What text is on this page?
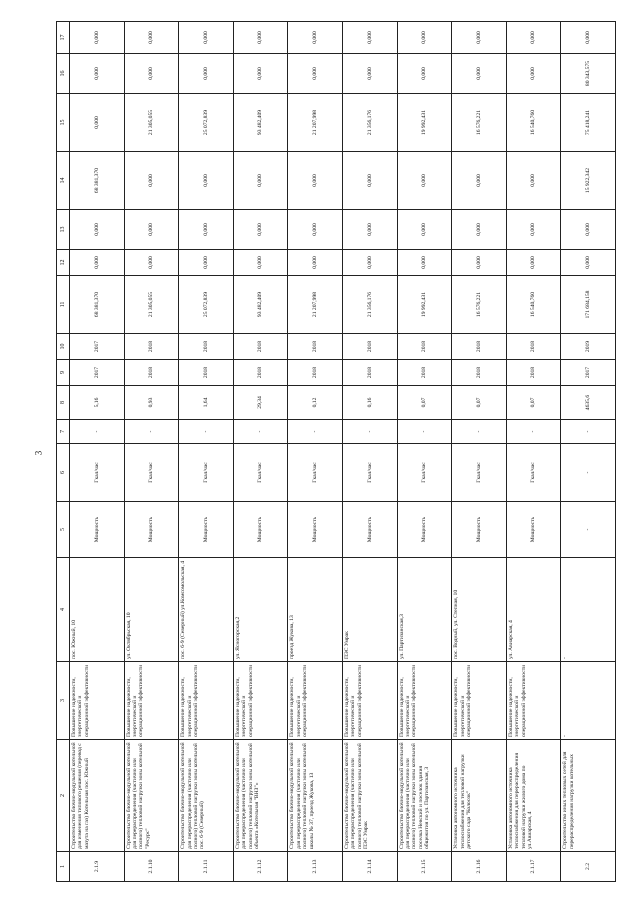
3
1	2	3	4	5	6	7	8	9	10	11	12	13	14	15	16	17
2.1.9	Строительство блочно-модульной котельной для изменения типового решения (перевод с мазута на газ) Котельная пос. Южный	Повышение надежности, энергетической и операционной эффективности	пос. Южный, 10	Мощность	Гкал/час	-	5,16	2017	2017	68 381,370	0,000	0,000	68 381,370	0,000	0,000	0,000
2.1.10	Строительство блочно-модульной котельной для перераспределения (частично или полного) тепловой нагрузки зоны котельной "Ресурс"	Повышение надежности, энергетической и операционной эффективности	ул. Октябрьская, 10	Мощность	Гкал/час	-	0,93	2018	2018	21 305,055	0,000	0,000	0,000	21 305,055	0,000	0,000
2.1.11	Строительство блочно-модульной котельной для перераспределения (частично или полного) тепловой нагрузки зоны котельной пос. 6-9 (Северный)	Повышение надежности, энергетической и операционной эффективности	пос. 6-9 (Северный) ул.Комсомольская, 4	Мощность	Гкал/час	-	1,64	2018	2018	25 072,839	0,000	0,000	0,000	25 072,839	0,000	0,000
2.1.12	Строительство блочно-модульной котельной для перераспределения (частично или полного) тепловой нагрузки зоны котельной объекта «Котельная "ВНЗ"»	Повышение надежности, энергетической и операционной эффективности	ул. Ясногорская,2	Мощность	Гкал/час	-	29,34	2018	2018	93 482,409	0,000	0,000	0,000	93 482,409	0,000	0,000
2.1.13	Строительство блочно-модульной котельной для перераспределения (частично или полного) тепловой нагрузки зоны котельной школы № 37, проезд Жукова, 13	Повышение надежности, энергетической и операционной эффективности	проезд Жукова, 13	Мощность	Гкал/час	-	0,12	2018	2018	21 207,998	0,000	0,000	0,000	21 207,998	0,000	0,000
2.1.14	Строительство блочно-модульной котельной для перераспределения (частично или полного) тепловой нагрузки зоны котельной ПЭС Умрак	Повышение надежности, энергетической и операционной эффективности	ПЭС Умрак	Мощность	Гкал/час	-	0,16	2018	2018	21 356,176	0,000	0,000	0,000	21 356,176	0,000	0,000
2.1.15	Строительство блочно-модульной котельной для перераспределения (частично или полного) тепловой нагрузки зоны котельной поселка Невский и поселок здания общежития по ул. Партизанская, 3	Повышение надежности, энергетической и операционной эффективности	ул. Партизанская,3	Мощность	Гкал/час	-	0,07	2018	2018	19 992,431	0,000	0,000	0,000	19 992,431	0,000	0,000
2.1.16	Установка автономного источника теплоснабжения для тепловой нагрузки детского сада "Колосок"	Повышение надежности, энергетической и операционной эффективности	пос. Водный, ул. Степная, 10	Мощность	Гкал/час	-	0,07	2018	2018	16 576,221	0,000	0,000	0,000	16 576,221	0,000	0,000
2.1.17	Установка автономного источника теплоснабжения для перераспределения тепловой нагрузки жилого дома по ул.Авиарская, 4	Повышение надежности, энергетической и операционной эффективности	ул. Авиарская, 4	Мощность	Гкал/час	-	0,07	2018	2018	16 540,760	0,000	0,000	0,000	16 540,760	0,000	0,000
2.2	Строительство иных тепловых сетей для перераспределения нагрузки котельных	-	-	-	-	-	4635,6	2017	2019	171 684,158	0,000	0,000	15 922,342	75 418,241	80 343,575	0,000
